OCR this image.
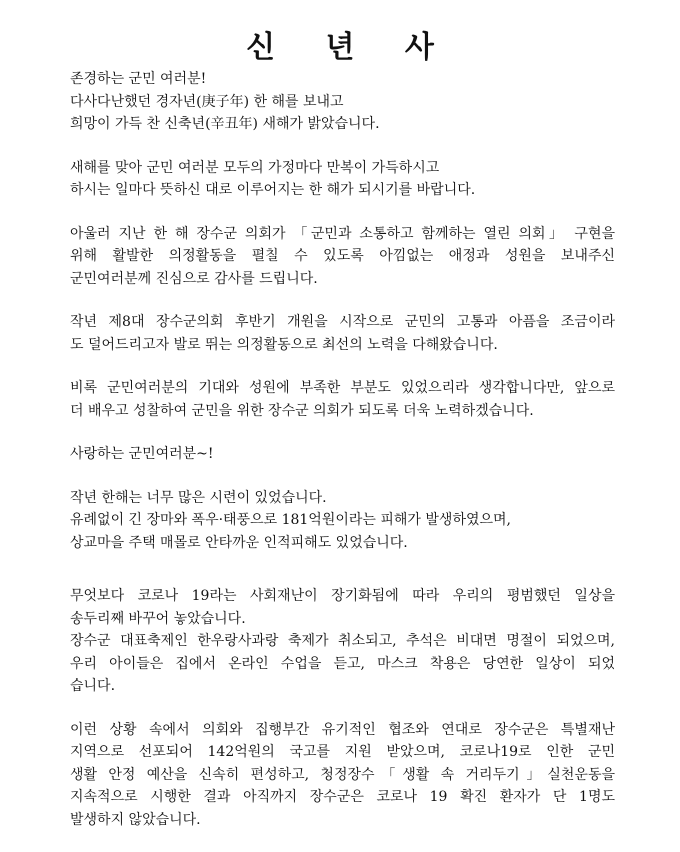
신 년 사
존경하는 군민 여러분!
다사다난했던 경자년(庚子年) 한 해를 보내고
희망이 가득 찬 신축년(辛丑年) 새해가 밝았습니다.
새해를 맞아 군민 여러분 모두의 가정마다 만복이 가득하시고
하시는 일마다 뜻하신 대로 이루어지는 한 해가 되시기를 바랍니다.
아울러 지난 한 해 장수군 의회가 「군민과 소통하고 함께하는 열린 의회」 구현을
위해 활발한 의정활동을 펼칠 수 있도록 아낌없는 애정과 성원을 보내주신
군민여러분께 진심으로 감사를 드립니다.
작년 제8대 장수군의회 후반기 개원을 시작으로 군민의 고통과 아픔을 조금이라
도 덜어드리고자 발로 뛰는 의정활동으로 최선의 노력을 다해왔습니다.
비록 군민여러분의 기대와 성원에 부족한 부분도 있었으리라 생각합니다만, 앞으로
더 배우고 성찰하여 군민을 위한 장수군 의회가 되도록 더욱 노력하겠습니다.
사랑하는 군민여러분~!
작년 한해는 너무 많은 시련이 있었습니다.
유례없이 긴 장마와 폭우·태풍으로 181억원이라는 피해가 발생하였으며,
상교마을 주택 매몰로 안타까운 인적피해도 있었습니다.
무엇보다 코로나 19라는 사회재난이 장기화됨에 따라 우리의 평범했던 일상을
송두리째 바꾸어 놓았습니다.
장수군 대표축제인 한우랑사과랑 축제가 취소되고, 추석은 비대면 명절이 되었으며,
우리 아이들은 집에서 온라인 수업을 듣고, 마스크 착용은 당연한 일상이 되었
습니다.
이런 상황 속에서 의회와 집행부간 유기적인 협조와 연대로 장수군은 특별재난
지역으로 선포되어 142억원의 국고를 지원 받았으며, 코로나19로 인한 군민
생활 안정 예산을 신속히 편성하고, 청정장수「생활 속 거리두기」실천운동을
지속적으로 시행한 결과 아직까지 장수군은 코로나 19 확진 환자가 단 1명도
발생하지 않았습니다.
